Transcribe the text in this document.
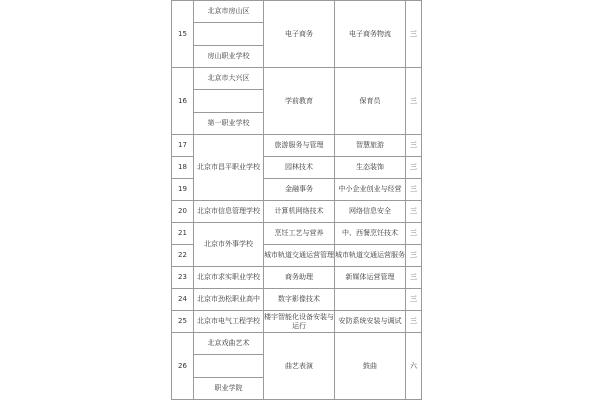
15	北京市房山区	电子商务	电子商务物流	三

	房山职业学校			
16	北京市大兴区	学前教育	保育员	三

	第一职业学校			
17	北京市昌平职业学校	旅游服务与管理	智慧旅游	三
18		园林技术	生态装饰	三
19		金融事务	中小企业创业与经营	三
20	北京市信息管理学校	计算机网络技术	网络信息安全	三
21	北京市外事学校	烹饪工艺与营养	中、西餐烹饪技术	三
22		城市轨道交通运营管理	城市轨道交通运营服务	三
23	北京市求实职业学校	商务助理	新媒体运营管理	三
24	北京市劲松职业高中	数字影像技术		三
25	北京市电气工程学校	楼宇智能化设备安装与运行	安防系统安装与调试	三
26	北京戏曲艺术	曲艺表演	鼓曲	六

	职业学院			
